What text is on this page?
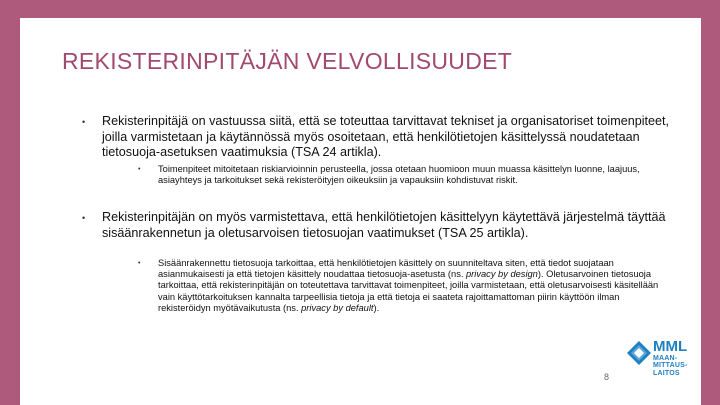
REKISTERINPITÄJÄN VELVOLLISUUDET
• Rekisterinpitäjä on vastuussa siitä, että se toteuttaa tarvittavat tekniset ja organisatoriset toimenpiteet, joilla varmistetaan ja käytännössä myös osoitetaan, että henkilötietojen käsittelyssä noudatetaan tietosuoja-asetuksen vaatimuksia (TSA 24 artikla).
• Toimenpiteet mitoitetaan riskiarvioinnin perusteella, jossa otetaan huomioon muun muassa käsittelyn luonne, laajuus, asiayhteys ja tarkoitukset sekä rekisteröityjen oikeuksiin ja vapauksiin kohdistuvat riskit.
• Rekisterinpitäjän on myös varmistettava, että henkilötietojen käsittelyyn käytettävä järjestelmä täyttää sisäänrakennetun ja oletusarvoisen tietosuojan vaatimukset (TSA 25 artikla).
• Sisäänrakennettu tietosuoja tarkoittaa, että henkilötietojen käsittely on suunniteltava siten, että tiedot suojataan asianmukaisesti ja että tietojen käsittely noudattaa tietosuoja-asetusta (ns. privacy by design). Oletusarvoinen tietosuoja tarkoittaa, että rekisterinpitäjän on toteutettava tarvittavat toimenpiteet, joilla varmistetaan, että oletusarvoisesti käsitellään vain käyttötarkoituksen kannalta tarpeellisia tietoja ja että tietoja ei saateta rajoittamattoman piirin käyttöön ilman rekisteröidyn myötävaikutusta (ns. privacy by default).
MML
MAAN-
MITTAUS-
LAITOS
8
